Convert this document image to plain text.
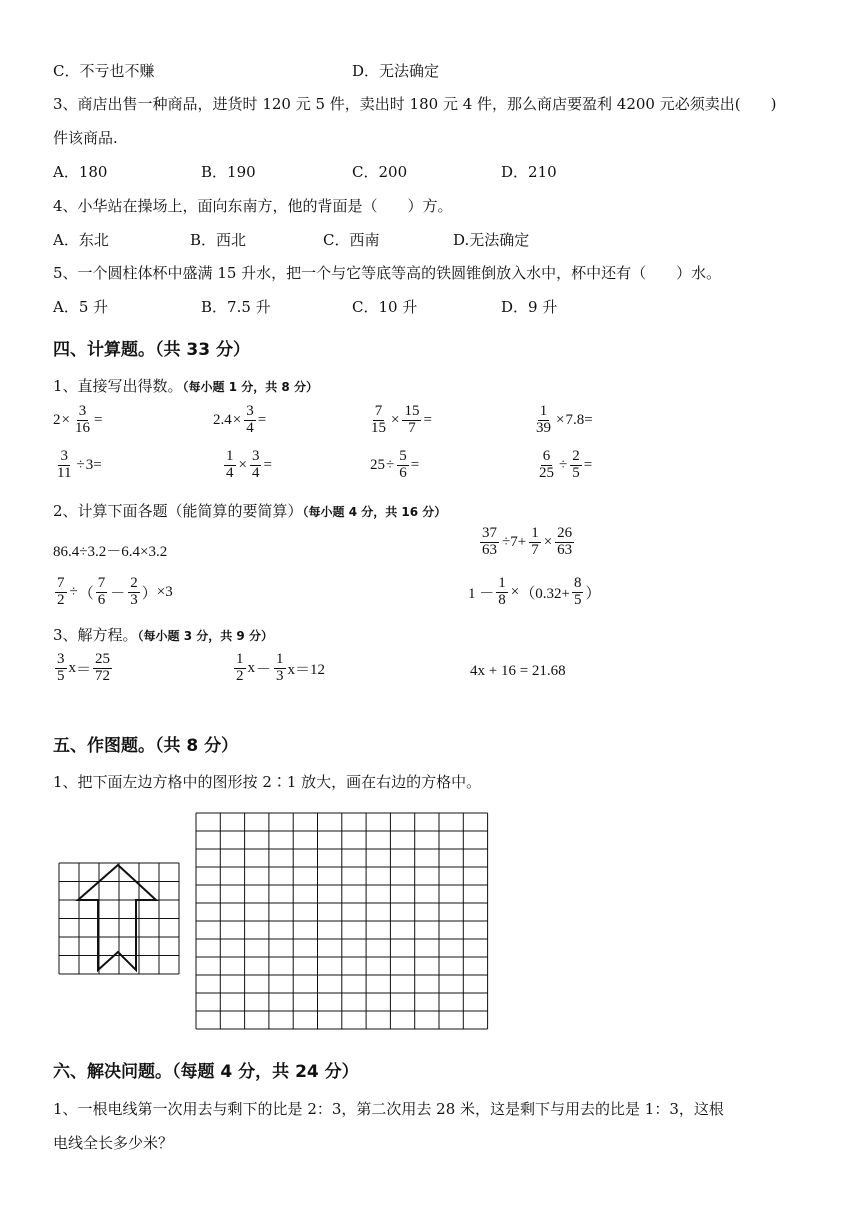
C．不亏也不赚	D．无法确定
3、商店出售一种商品，进货时 120 元 5 件，卖出时 180 元 4 件，那么商店要盈利 4200 元必须卖出(　　)
件该商品.
A．180	B．190	C．200	D．210
4、小华站在操场上，面向东南方，他的背面是（　　）方。
A．东北	B．西北	C．西南	D.无法确定
5、一个圆柱体杯中盛满 15 升水，把一个与它等底等高的铁圆锥倒放入水中，杯中还有（　　）水。
A．5 升	B．7.5 升	C．10 升	D．9 升
四、计算题。（共 33 分）
1、直接写出得数。（每小题 1 分，共 8 分）
$2 \times \frac{3}{16}$ =	$2.4 \times \frac{3}{4}$ =	$\frac{7}{15} \times \frac{15}{7}$ =	$\frac{1}{39} \times 7.8$ =
$\frac{3}{11} \div 3$ =	$\frac{1}{4} \times \frac{3}{4}$ =	$25 \div \frac{5}{6}$ =	$\frac{6}{25} \div \frac{2}{5}$ =
2、计算下面各题（能简算的要简算）（每小题 4 分，共 16 分）
86.4÷3.2－6.4×3.2	$\frac{37}{63} \div 7+ \frac{1}{7} \times \frac{26}{63}$
$\frac{7}{2}$ ÷ （ $\frac{7}{6} - \frac{2}{3}$ ） ×3	$1 - \frac{1}{8} \times (0.32+ \frac{8}{5}$ ）
3、解方程。（每小题 3 分，共 9 分）
$\frac{3}{5}$ $x = \frac{25}{72}$	$\frac{1}{2}$ $x - \frac{1}{3} x=12$	4x + 16 = 21.68
五、作图题。（共 8 分）
1、把下面左边方格中的图形按 2∶1 放大，画在右边的方格中。
六、解决问题。（每题 4 分，共 24 分）
1、一根电线第一次用去与剩下的比是 2：3，第二次用去 28 米，这是剩下与用去的比是 1：3，这根
电线全长多少米？
